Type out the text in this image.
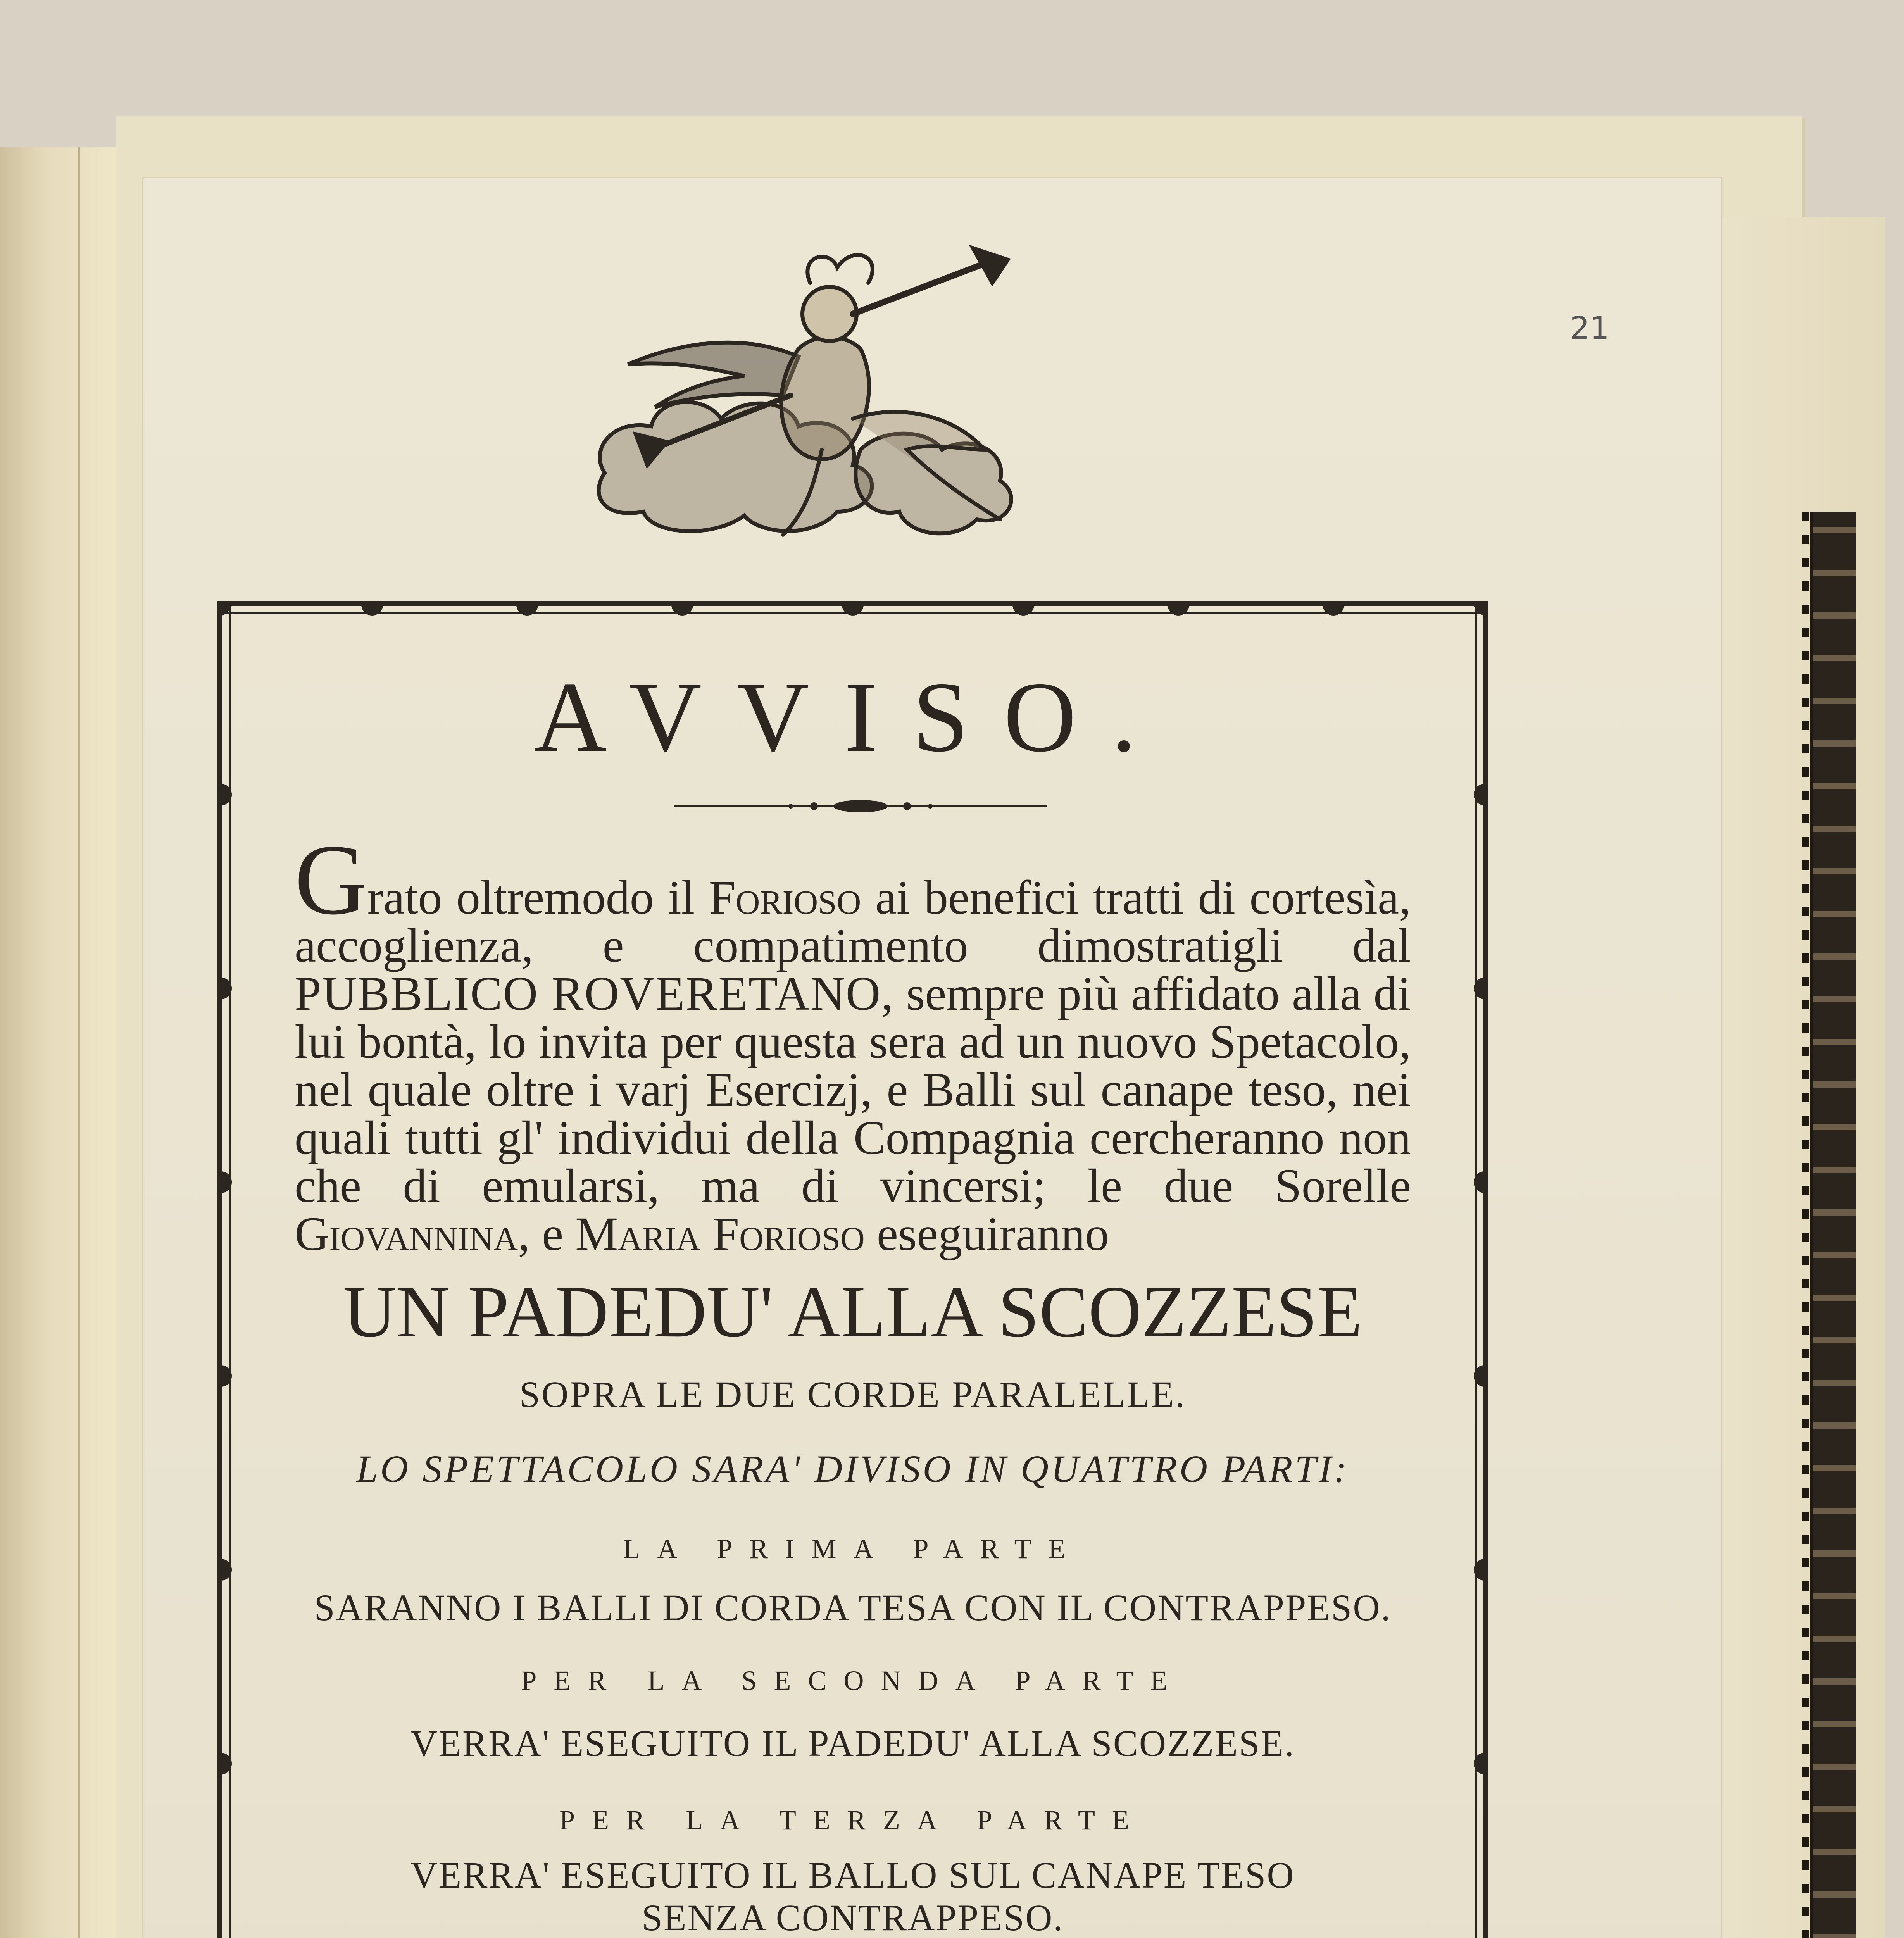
21
AVVISO.
Grato oltremodo il Forioso ai benefici tratti di cortesìa, accoglienza, e compatimento dimostratigli dal PUBBLICO ROVERETANO, sempre più affidato alla di lui bontà, lo invita per questa sera ad un nuovo Spetacolo, nel quale oltre i varj Esercizj, e Balli sul canape teso, nei quali tutti gl' individui della Compagnia cercheranno non che di emularsi, ma di vincersi; le due Sorelle Giovannina, e Maria Forioso eseguiranno
UN PADEDU' ALLA SCOZZESE
SOPRA LE DUE CORDE PARALELLE.
LO SPETTACOLO SARA' DIVISO IN QUATTRO PARTI:
LA PRIMA PARTE
SARANNO I BALLI DI CORDA TESA CON IL CONTRAPPESO.
PER LA SECONDA PARTE
VERRA' ESEGUITO IL PADEDU' ALLA SCOZZESE.
PER LA TERZA PARTE
VERRA' ESEGUITO IL BALLO SUL CANAPE TESO
SENZA CONTRAPPESO.
